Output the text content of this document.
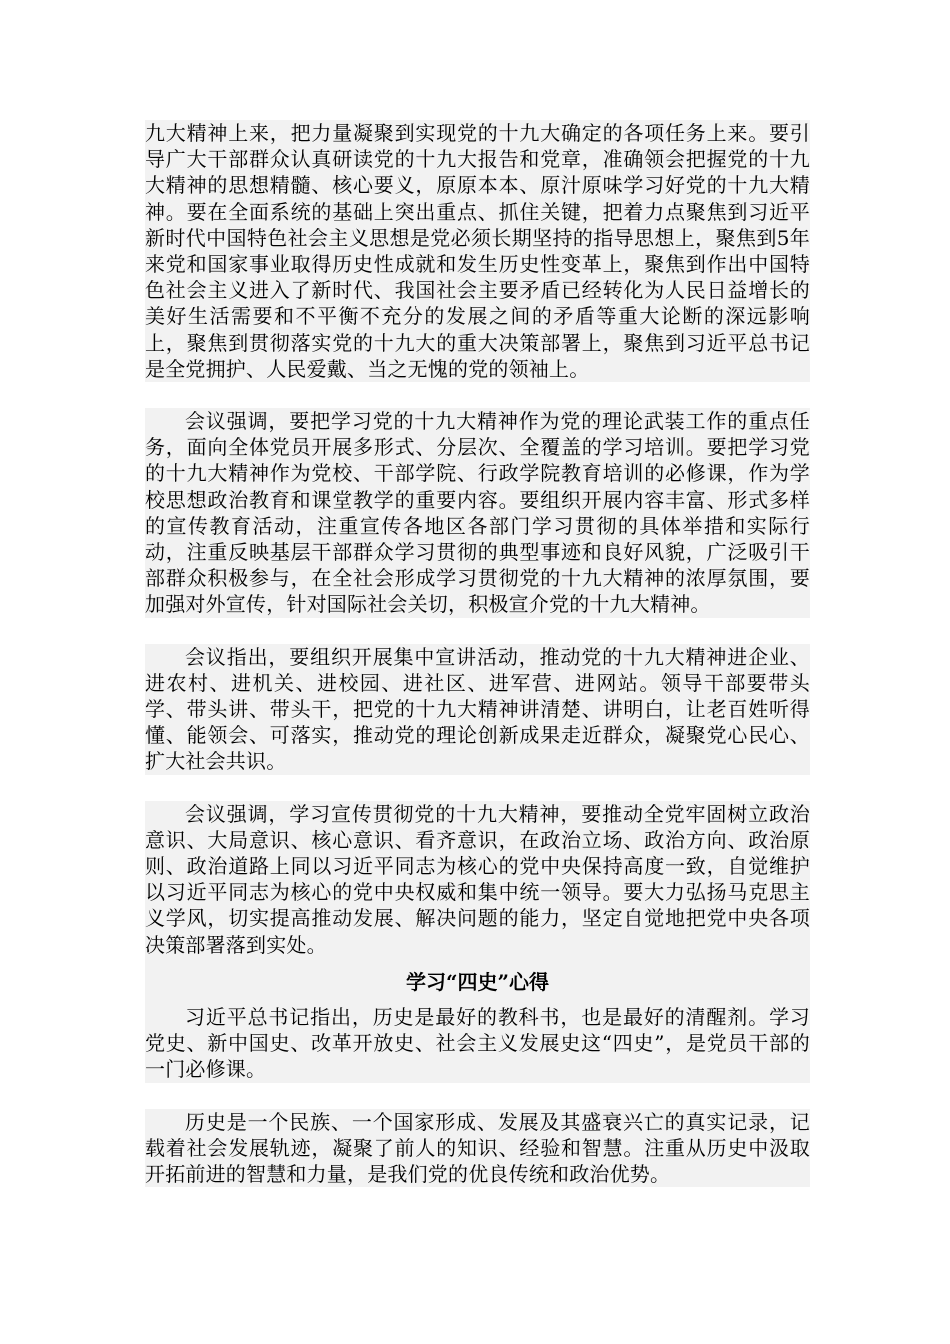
九大精神上来，把力量凝聚到实现党的十九大确定的各项任务上来。要引导广大干部群众认真研读党的十九大报告和党章，准确领会把握党的十九大精神的思想精髓、核心要义，原原本本、原汁原味学习好党的十九大精神。要在全面系统的基础上突出重点、抓住关键，把着力点聚焦到习近平新时代中国特色社会主义思想是党必须长期坚持的指导思想上，聚焦到5年来党和国家事业取得历史性成就和发生历史性变革上，聚焦到作出中国特色社会主义进入了新时代、我国社会主要矛盾已经转化为人民日益增长的美好生活需要和不平衡不充分的发展之间的矛盾等重大论断的深远影响上，聚焦到贯彻落实党的十九大的重大决策部署上，聚焦到习近平总书记是全党拥护、人民爱戴、当之无愧的党的领袖上。

会议强调，要把学习党的十九大精神作为党的理论武装工作的重点任务，面向全体党员开展多形式、分层次、全覆盖的学习培训。要把学习党的十九大精神作为党校、干部学院、行政学院教育培训的必修课，作为学校思想政治教育和课堂教学的重要内容。要组织开展内容丰富、形式多样的宣传教育活动，注重宣传各地区各部门学习贯彻的具体举措和实际行动，注重反映基层干部群众学习贯彻的典型事迹和良好风貌，广泛吸引干部群众积极参与，在全社会形成学习贯彻党的十九大精神的浓厚氛围，要加强对外宣传，针对国际社会关切，积极宣介党的十九大精神。

会议指出，要组织开展集中宣讲活动，推动党的十九大精神进企业、进农村、进机关、进校园、进社区、进军营、进网站。领导干部要带头学、带头讲、带头干，把党的十九大精神讲清楚、讲明白，让老百姓听得懂、能领会、可落实，推动党的理论创新成果走近群众，凝聚党心民心、扩大社会共识。

会议强调，学习宣传贯彻党的十九大精神，要推动全党牢固树立政治意识、大局意识、核心意识、看齐意识，在政治立场、政治方向、政治原则、政治道路上同以习近平同志为核心的党中央保持高度一致，自觉维护以习近平同志为核心的党中央权威和集中统一领导。要大力弘扬马克思主义学风，切实提高推动发展、解决问题的能力，坚定自觉地把党中央各项决策部署落到实处。

学习“四史”心得

习近平总书记指出，历史是最好的教科书，也是最好的清醒剂。学习党史、新中国史、改革开放史、社会主义发展史这“四史”，是党员干部的一门必修课。

历史是一个民族、一个国家形成、发展及其盛衰兴亡的真实记录，记载着社会发展轨迹，凝聚了前人的知识、经验和智慧。注重从历史中汲取开拓前进的智慧和力量，是我们党的优良传统和政治优势。
